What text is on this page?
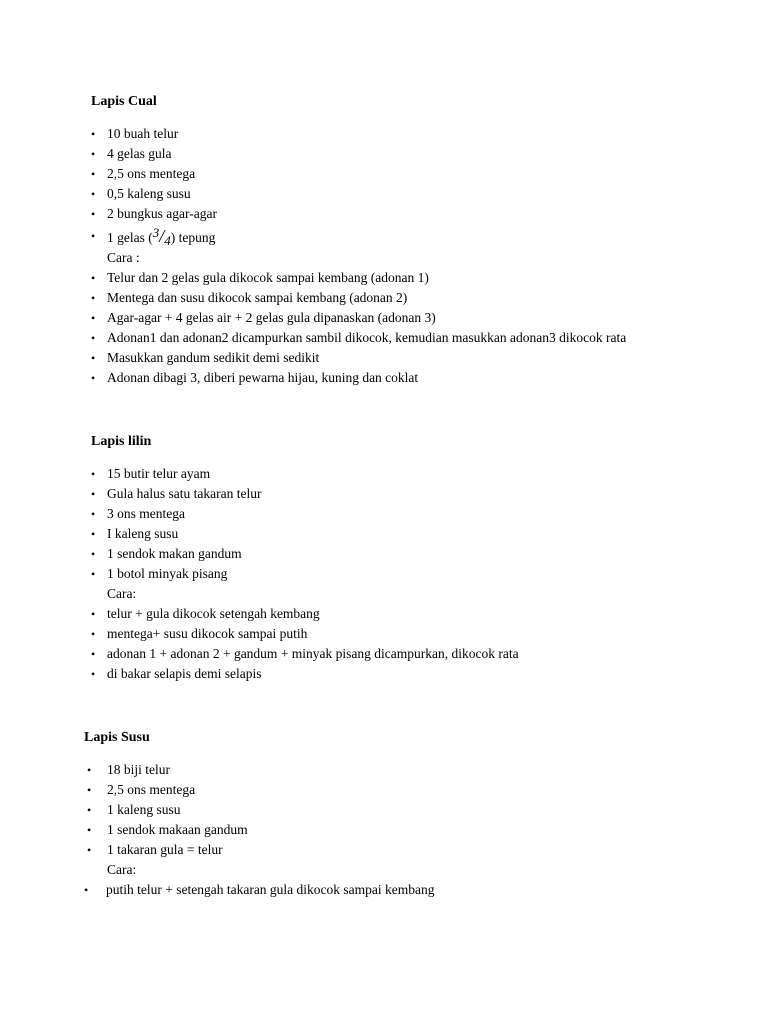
Lapis Cual
• 10 buah telur
• 4 gelas gula
• 2,5 ons mentega
• 0,5 kaleng susu
• 2 bungkus agar-agar
• 1 gelas (3/4) tepung
Cara :
• Telur dan 2 gelas gula dikocok sampai kembang (adonan 1)
• Mentega dan susu dikocok sampai kembang (adonan 2)
• Agar-agar + 4 gelas air + 2 gelas gula dipanaskan (adonan 3)
• Adonan1 dan adonan2 dicampurkan sambil dikocok, kemudian masukkan adonan3 dikocok rata
• Masukkan gandum sedikit demi sedikit
• Adonan dibagi 3, diberi pewarna hijau, kuning dan coklat
Lapis lilin
• 15 butir telur ayam
• Gula halus satu takaran telur
• 3 ons mentega
• I kaleng susu
• 1 sendok makan gandum
• 1 botol minyak pisang
Cara:
• telur + gula dikocok setengah kembang
• mentega+ susu dikocok sampai putih
• adonan 1 + adonan 2 + gandum + minyak pisang dicampurkan, dikocok rata
• di bakar selapis demi selapis
Lapis Susu
• 18 biji telur
• 2,5 ons mentega
• 1 kaleng susu
• 1 sendok makaan gandum
• 1 takaran gula = telur
Cara:
• putih telur + setengah takaran gula dikocok sampai kembang
